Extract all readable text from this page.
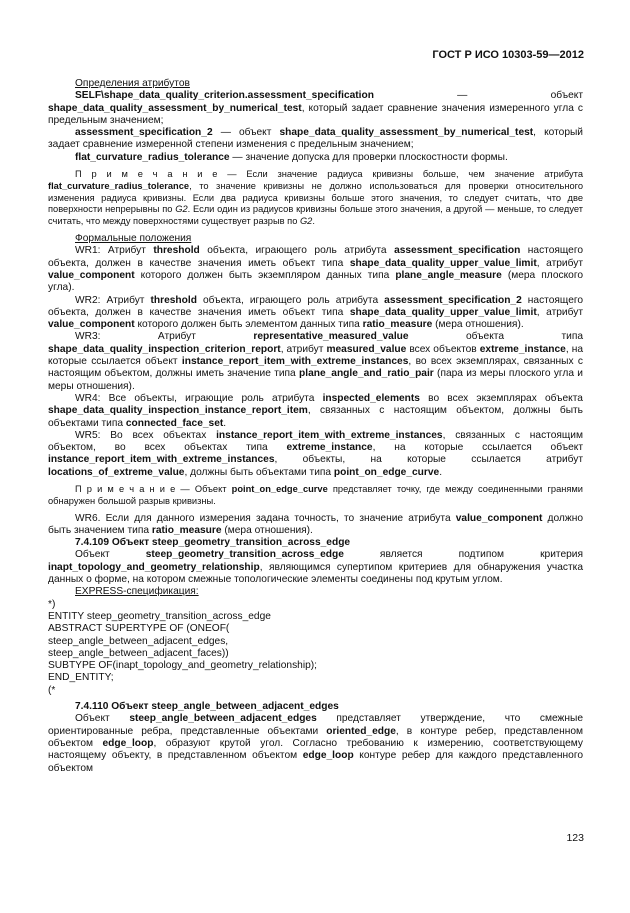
ГОСТ Р ИСО 10303-59—2012

Определения атрибутов

SELF\shape_data_quality_criterion.assessment_specification — объект shape_data_quality_assessment_by_numerical_test, который задает сравнение значения измеренного угла с предельным значением;

assessment_specification_2 — объект shape_data_quality_assessment_by_numerical_test, который задает сравнение измеренной степени изменения с предельным значением;

flat_curvature_radius_tolerance — значение допуска для проверки плоскостности формы.

П р и м е ч а н и е — Если значение радиуса кривизны больше, чем значение атрибута flat_curvature_radius_tolerance, то значение кривизны не должно использоваться для проверки относительного изменения радиуса кривизны. Если два радиуса кривизны больше этого значения, то следует считать, что две поверхности непрерывны по G2. Если один из радиусов кривизны больше этого значения, а другой — меньше, то следует считать, что между поверхностями существует разрыв по G2.

Формальные положения

WR1: Атрибут threshold объекта, играющего роль атрибута assessment_specification настоящего объекта, должен в качестве значения иметь объект типа shape_data_quality_upper_value_limit, атрибут value_component которого должен быть экземпляром данных типа plane_angle_measure (мера плоского угла).

WR2: Атрибут threshold объекта, играющего роль атрибута assessment_specification_2 настоящего объекта, должен в качестве значения иметь объект типа shape_data_quality_upper_value_limit, атрибут value_component которого должен быть элементом данных типа ratio_measure (мера отношения).

WR3: Атрибут representative_measured_value объекта типа shape_data_quality_inspection_criterion_report, атрибут measured_value всех объектов extreme_instance, на которые ссылается объект instance_report_item_with_extreme_instances, во всех экземплярах, связанных с настоящим объектом, должны иметь значение типа plane_angle_and_ratio_pair (пара из меры плоского угла и меры отношения).

WR4: Все объекты, играющие роль атрибута inspected_elements во всех экземплярах объекта shape_data_quality_inspection_instance_report_item, связанных с настоящим объектом, должны быть объектами типа connected_face_set.

WR5: Во всех объектах instance_report_item_with_extreme_instances, связанных с настоящим объектом, во всех объектах типа extreme_instance, на которые ссылается объект instance_report_item_with_extreme_instances, объекты, на которые ссылается атрибут locations_of_extreme_value, должны быть объектами типа point_on_edge_curve.

П р и м е ч а н и е — Объект point_on_edge_curve представляет точку, где между соединенными гранями обнаружен большой разрыв кривизны.

WR6. Если для данного измерения задана точность, то значение атрибута value_component должно быть значением типа ratio_measure (мера отношения).

7.4.109 Объект steep_geometry_transition_across_edge

Объект steep_geometry_transition_across_edge является подтипом критерия inapt_topology_and_geometry_relationship, являющимся супертипом критериев для обнаружения участка данных о форме, на котором смежные топологические элементы соединены под крутым углом.

EXPRESS-спецификация:

*)
ENTITY steep_geometry_transition_across_edge
ABSTRACT SUPERTYPE OF (ONEOF(
steep_angle_between_adjacent_edges,
steep_angle_between_adjacent_faces))
SUBTYPE OF(inapt_topology_and_geometry_relationship);
END_ENTITY;
(*

7.4.110 Объект steep_angle_between_adjacent_edges

Объект steep_angle_between_adjacent_edges представляет утверждение, что смежные ориентированные ребра, представленные объектами oriented_edge, в контуре ребер, представленном объектом edge_loop, образуют крутой угол. Согласно требованию к измерению, соответствующему настоящему объекту, в представленном объектом edge_loop контуре ребер для каждого представленного объектом

123
